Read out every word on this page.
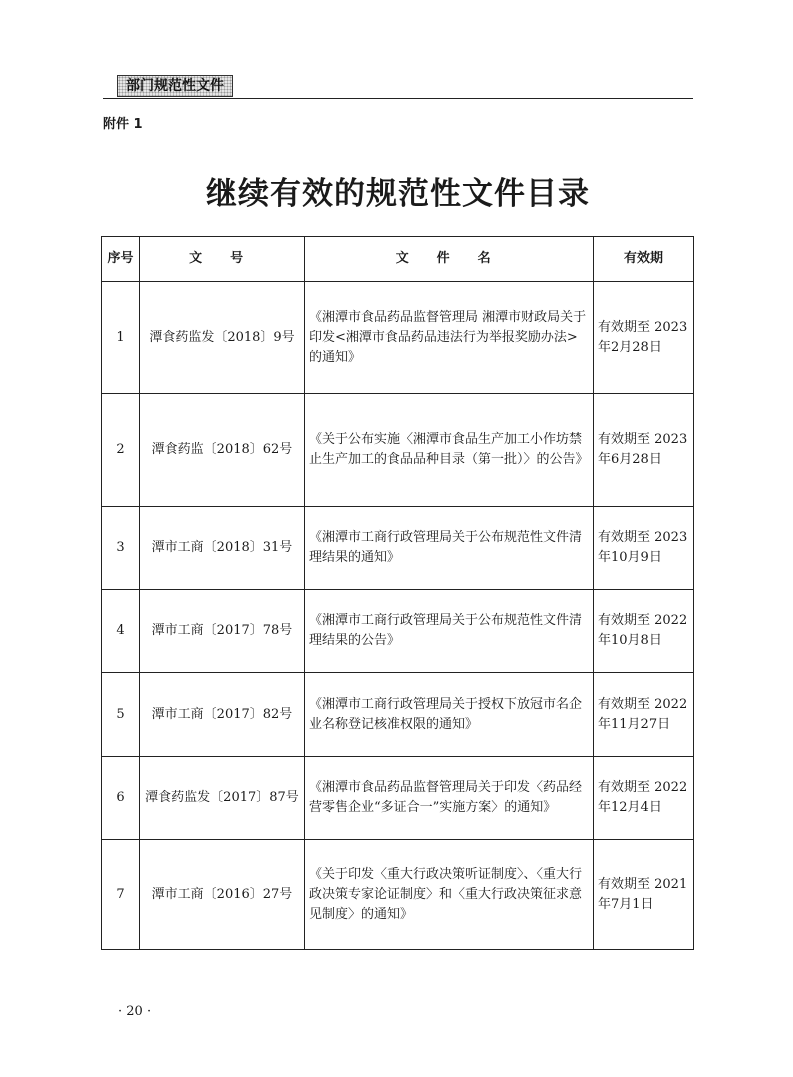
部门规范性文件
附件 1
继续有效的规范性文件目录
序号	文 号	文 件 名	有效期
1	潭食药监发〔2018〕9号	《湘潭市食品药品监督管理局 湘潭市财政局关于印发<湘潭市食品药品违法行为举报奖励办法>的通知》	有效期至 2023年2月28日
2	潭食药监〔2018〕62号	《关于公布实施〈湘潭市食品生产加工小作坊禁止生产加工的食品品种目录（第一批）〉的公告》	有效期至 2023年6月28日
3	潭市工商〔2018〕31号	《湘潭市工商行政管理局关于公布规范性文件清理结果的通知》	有效期至 2023年10月9日
4	潭市工商〔2017〕78号	《湘潭市工商行政管理局关于公布规范性文件清理结果的公告》	有效期至 2022年10月8日
5	潭市工商〔2017〕82号	《湘潭市工商行政管理局关于授权下放冠市名企业名称登记核准权限的通知》	有效期至 2022年11月27日
6	潭食药监发〔2017〕87号	《湘潭市食品药品监督管理局关于印发〈药品经营零售企业“多证合一”实施方案〉的通知》	有效期至 2022年12月4日
7	潭市工商〔2016〕27号	《关于印发〈重大行政决策听证制度〉、〈重大行政决策专家论证制度〉和〈重大行政决策征求意见制度〉的通知》	有效期至 2021年7月1日
· 20 ·
